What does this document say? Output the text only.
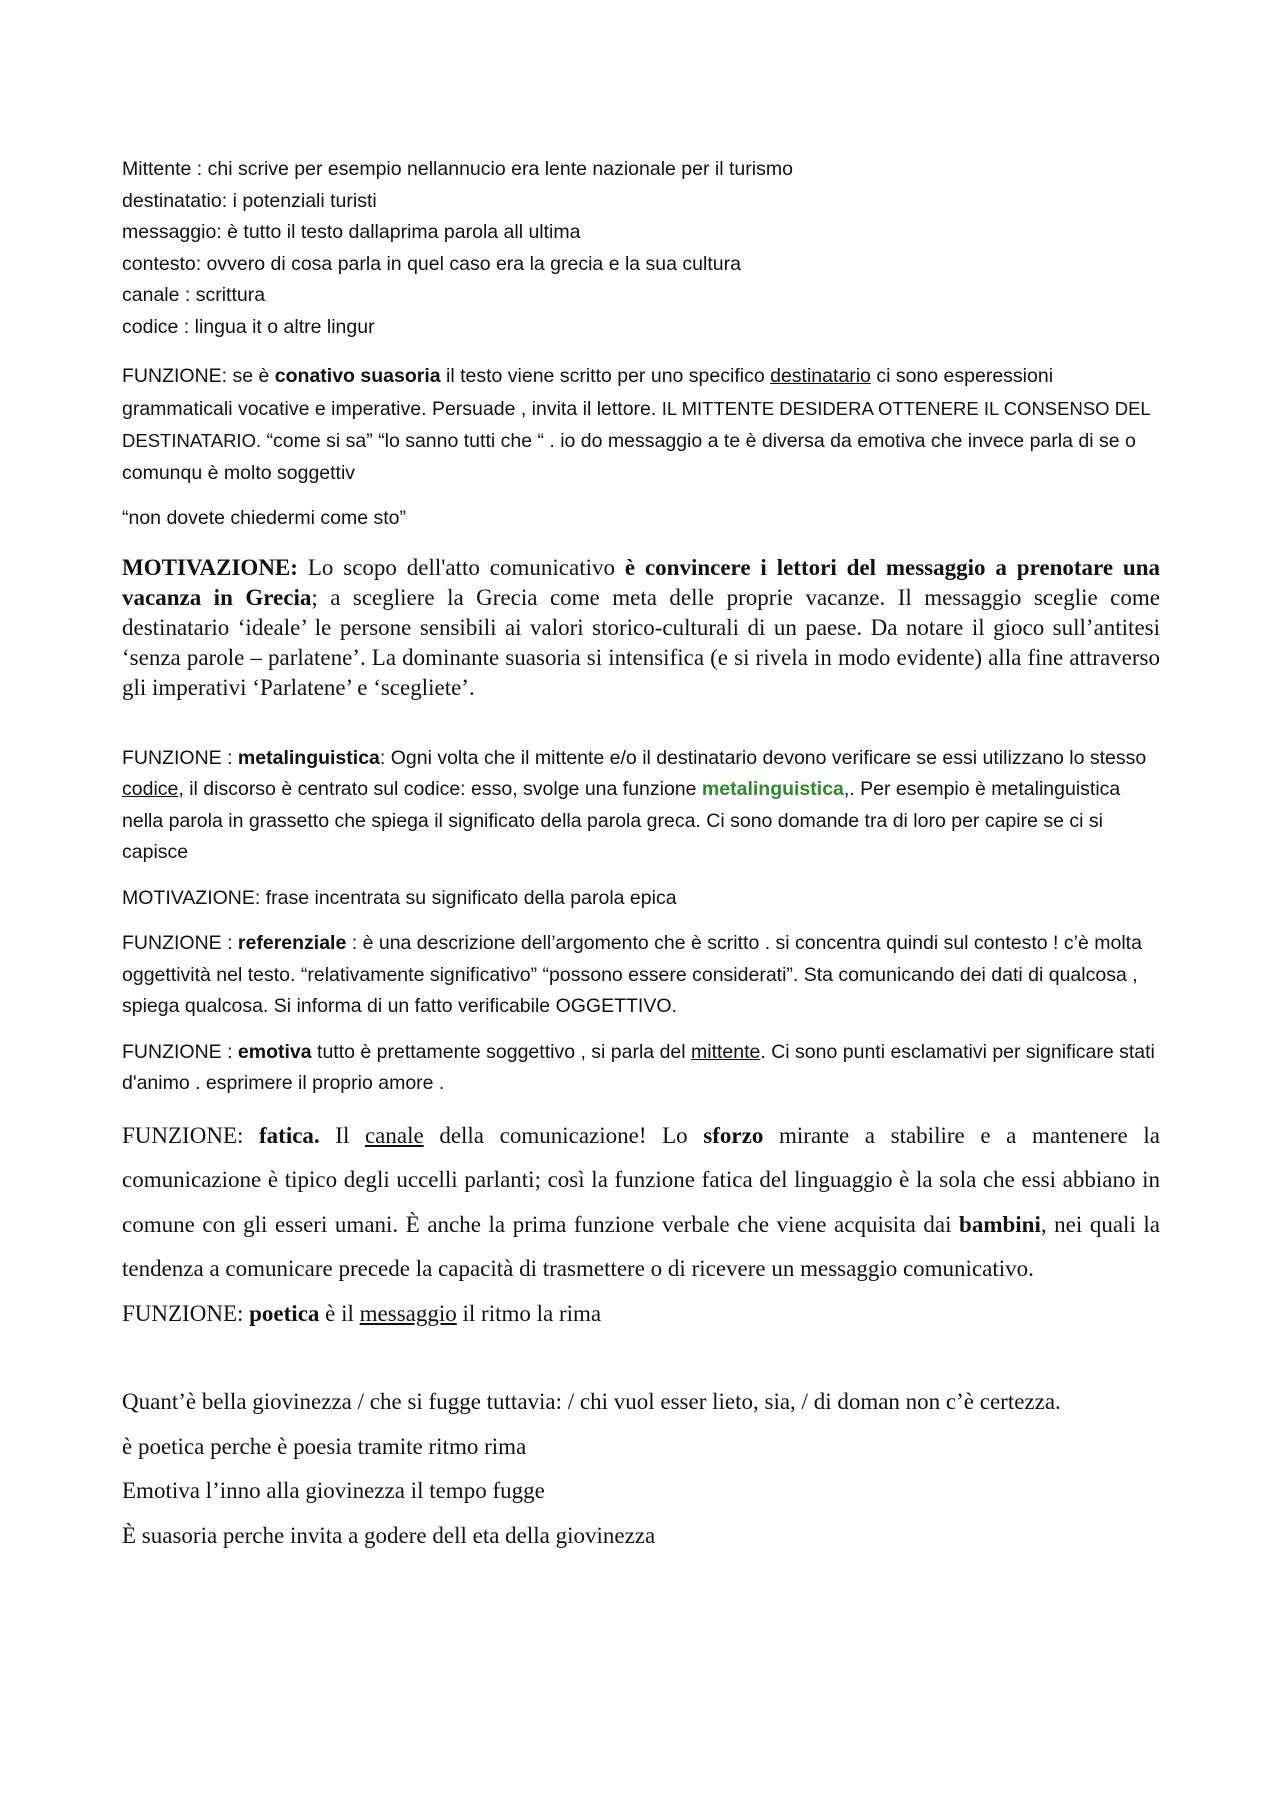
Mittente : chi scrive per esempio nellannucio era lente nazionale per il turismo

destinatatio: i potenziali turisti

messaggio: è tutto il testo dallaprima parola all ultima

contesto: ovvero di cosa parla in quel caso era la grecia e la sua cultura

canale : scrittura

codice : lingua it o altre lingur

FUNZIONE: se è conativo suasoria il testo viene scritto per uno specifico destinatario ci sono esperessioni grammaticali vocative e imperative. Persuade , invita il lettore. IL MITTENTE DESIDERA OTTENERE IL CONSENSO DEL DESTINATARIO. “come si sa” “lo sanno tutti che “ . io do messaggio a te è diversa da emotiva che invece parla di se o comunqu è molto soggettiv

“non dovete chiedermi come sto”

MOTIVAZIONE: Lo scopo dell'atto comunicativo è convincere i lettori del messaggio a prenotare una vacanza in Grecia; a scegliere la Grecia come meta delle proprie vacanze. Il messaggio sceglie come destinatario ‘ideale’ le persone sensibili ai valori storico-culturali di un paese. Da notare il gioco sull’antitesi ‘senza parole – parlatene’. La dominante suasoria si intensifica (e si rivela in modo evidente) alla fine attraverso gli imperativi ‘Parlatene’ e ‘scegliete’.

FUNZIONE : metalinguistica: Ogni volta che il mittente e/o il destinatario devono verificare se essi utilizzano lo stesso codice, il discorso è centrato sul codice: esso, svolge una funzione metalinguistica,. Per esempio è metalinguistica nella parola in grassetto che spiega il significato della parola greca. Ci sono domande tra di loro per capire se ci si capisce

MOTIVAZIONE: frase incentrata su significato della parola epica

FUNZIONE : referenziale : è una descrizione dell’argomento che è scritto . si concentra quindi sul contesto ! c’è molta oggettività nel testo. “relativamente significativo” “possono essere considerati”. Sta comunicando dei dati di qualcosa , spiega qualcosa. Si informa di un fatto verificabile OGGETTIVO.

FUNZIONE : emotiva tutto è prettamente soggettivo , si parla del mittente. Ci sono punti esclamativi per significare stati d'animo . esprimere il proprio amore .

FUNZIONE: fatica. Il canale della comunicazione! Lo sforzo mirante a stabilire e a mantenere la comunicazione è tipico degli uccelli parlanti; così la funzione fatica del linguaggio è la sola che essi abbiano in comune con gli esseri umani. È anche la prima funzione verbale che viene acquisita dai bambini, nei quali la tendenza a comunicare precede la capacità di trasmettere o di ricevere un messaggio comunicativo.

FUNZIONE: poetica è il messaggio il ritmo la rima

Quant’è bella giovinezza / che si fugge tuttavia: / chi vuol esser lieto, sia, / di doman non c’è certezza.

è poetica perche è poesia tramite ritmo rima

Emotiva l’inno alla giovinezza il tempo fugge

È suasoria perche invita a godere dell eta della giovinezza
